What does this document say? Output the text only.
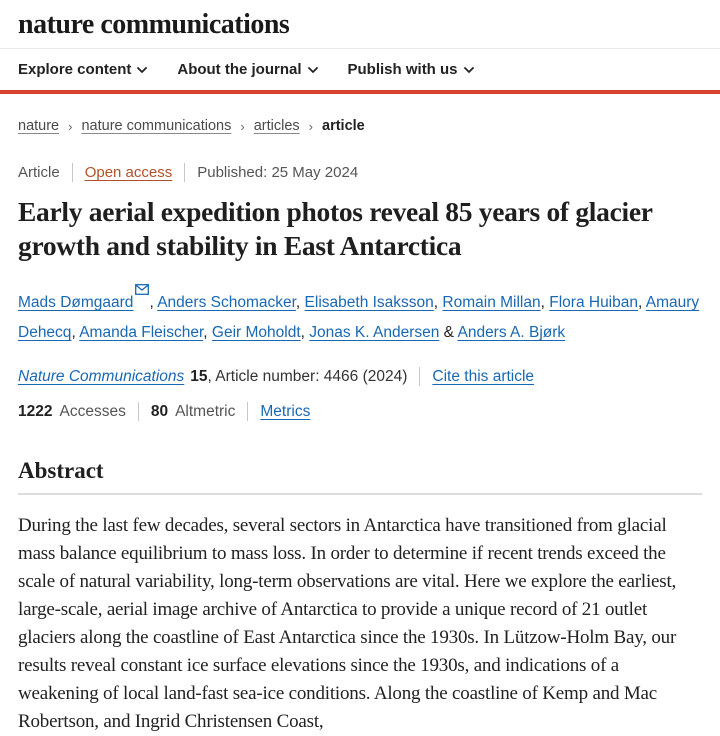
nature communications
Explore content	About the journal	Publish with us
nature › nature communications › articles › article
Article Open access Published: 25 May 2024
Early aerial expedition photos reveal 85 years of glacier growth and stability in East Antarctica

Mads Dømgaard , Anders Schomacker, Elisabeth Isaksson, Romain Millan, Flora Huiban, Amaury Dehecq, Amanda Fleischer, Geir Moholdt, Jonas K. Andersen & Anders A. Bjørk

Nature Communications 15 , Article number: 4466 (2024) Cite this article
1222 Accesses 80 Altmetric Metrics
Abstract

During the last few decades, several sectors in Antarctica have transitioned from glacial mass balance equilibrium to mass loss. In order to determine if recent trends exceed the scale of natural variability, long-term observations are vital. Here we explore the earliest, large-scale, aerial image archive of Antarctica to provide a unique record of 21 outlet glaciers along the coastline of East Antarctica since the 1930s. In Lützow-Holm Bay, our results reveal constant ice surface elevations since the 1930s, and indications of a weakening of local land-fast sea-ice conditions. Along the coastline of Kemp and Mac Robertson, and Ingrid Christensen Coast,
